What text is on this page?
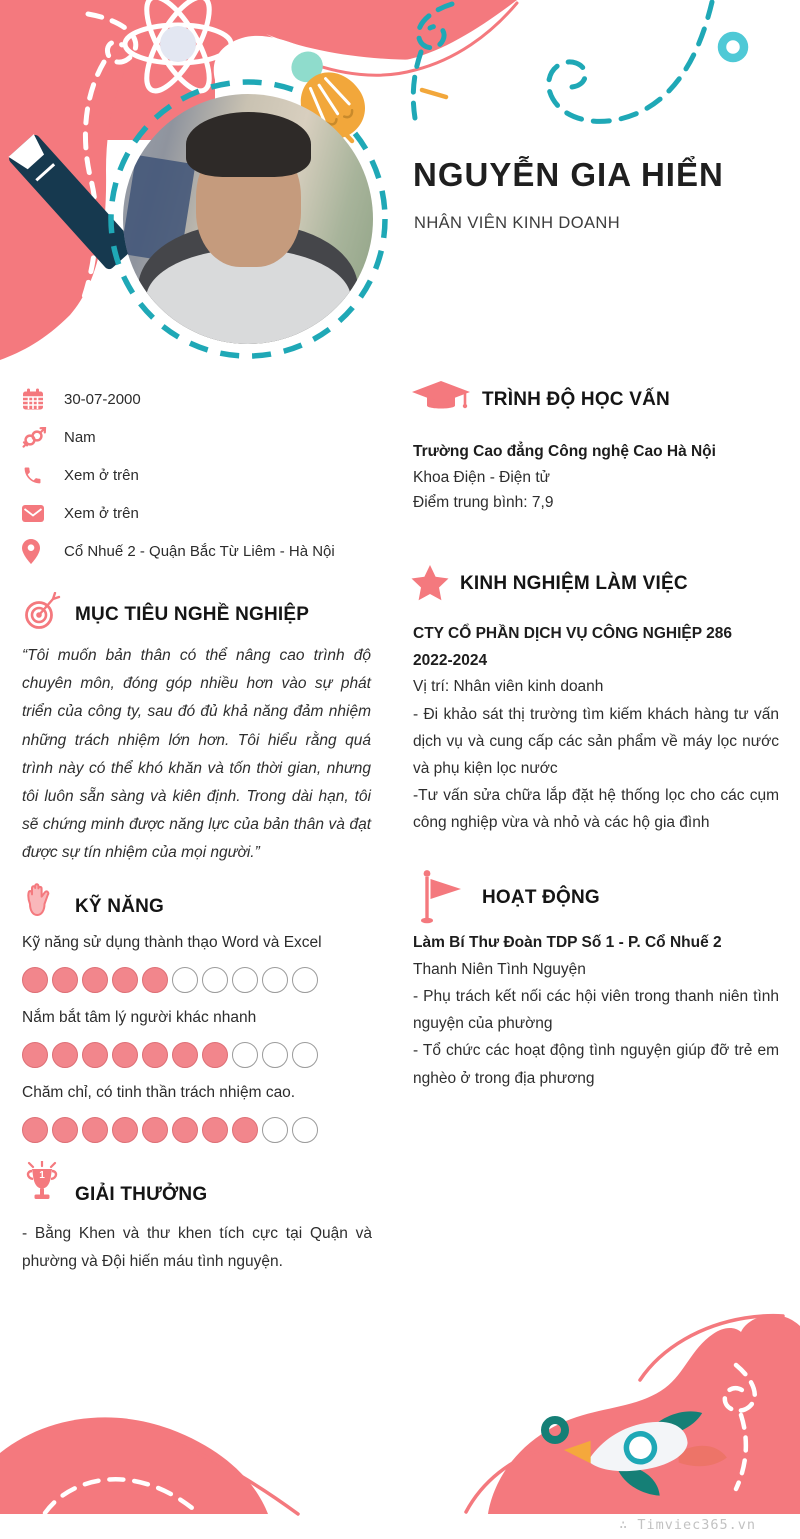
NGUYỄN GIA HIỂN
NHÂN VIÊN KINH DOANH
30-07-2000
Nam
Xem ở trên
Xem ở trên
Cổ Nhuế 2 - Quận Bắc Từ Liêm - Hà Nội
MỤC TIÊU NGHỀ NGHIỆP
“Tôi muốn bản thân có thể nâng cao trình độ chuyên môn, đóng góp nhiều hơn vào sự phát triển của công ty, sau đó đủ khả năng đảm nhiệm những trách nhiệm lớn hơn. Tôi hiểu rằng quá trình này có thể khó khăn và tốn thời gian, nhưng tôi luôn sẵn sàng và kiên định. Trong dài hạn, tôi sẽ chứng minh được năng lực của bản thân và đạt được sự tín nhiệm của mọi người.”
KỸ NĂNG

Kỹ năng sử dụng thành thạo Word và Excel

Nắm bắt tâm lý người khác nhanh

Chăm chỉ, có tinh thần trách nhiệm cao.

1
GIẢI THƯỞNG
- Bằng Khen và thư khen tích cực tại Quận và phường và Đội hiến máu tình nguyện.
TRÌNH ĐỘ HỌC VẤN

Trường Cao đẳng Công nghệ Cao Hà Nội

Khoa Điện - Điện tử

Điểm trung bình: 7,9

KINH NGHIỆM LÀM VIỆC

CTY CỔ PHẦN DỊCH VỤ CÔNG NGHIỆP 286

2022-2024

Vị trí: Nhân viên kinh doanh

- Đi khảo sát thị trường tìm kiếm khách hàng tư vấn dịch vụ và cung cấp các sản phẩm về máy lọc nước và phụ kiện lọc nước

-Tư vấn sửa chữa lắp đặt hệ thống lọc cho các cụm công nghiệp vừa và nhỏ và các hộ gia đình

HOẠT ĐỘNG

Làm Bí Thư Đoàn TDP Số 1 - P. Cổ Nhuế 2

Thanh Niên Tình Nguyện

- Phụ trách kết nối các hội viên trong thanh niên tình nguyện của phường

- Tổ chức các hoạt động tình nguyện giúp đỡ trẻ em nghèo ở trong địa phương

∴ Timviec365.vn
